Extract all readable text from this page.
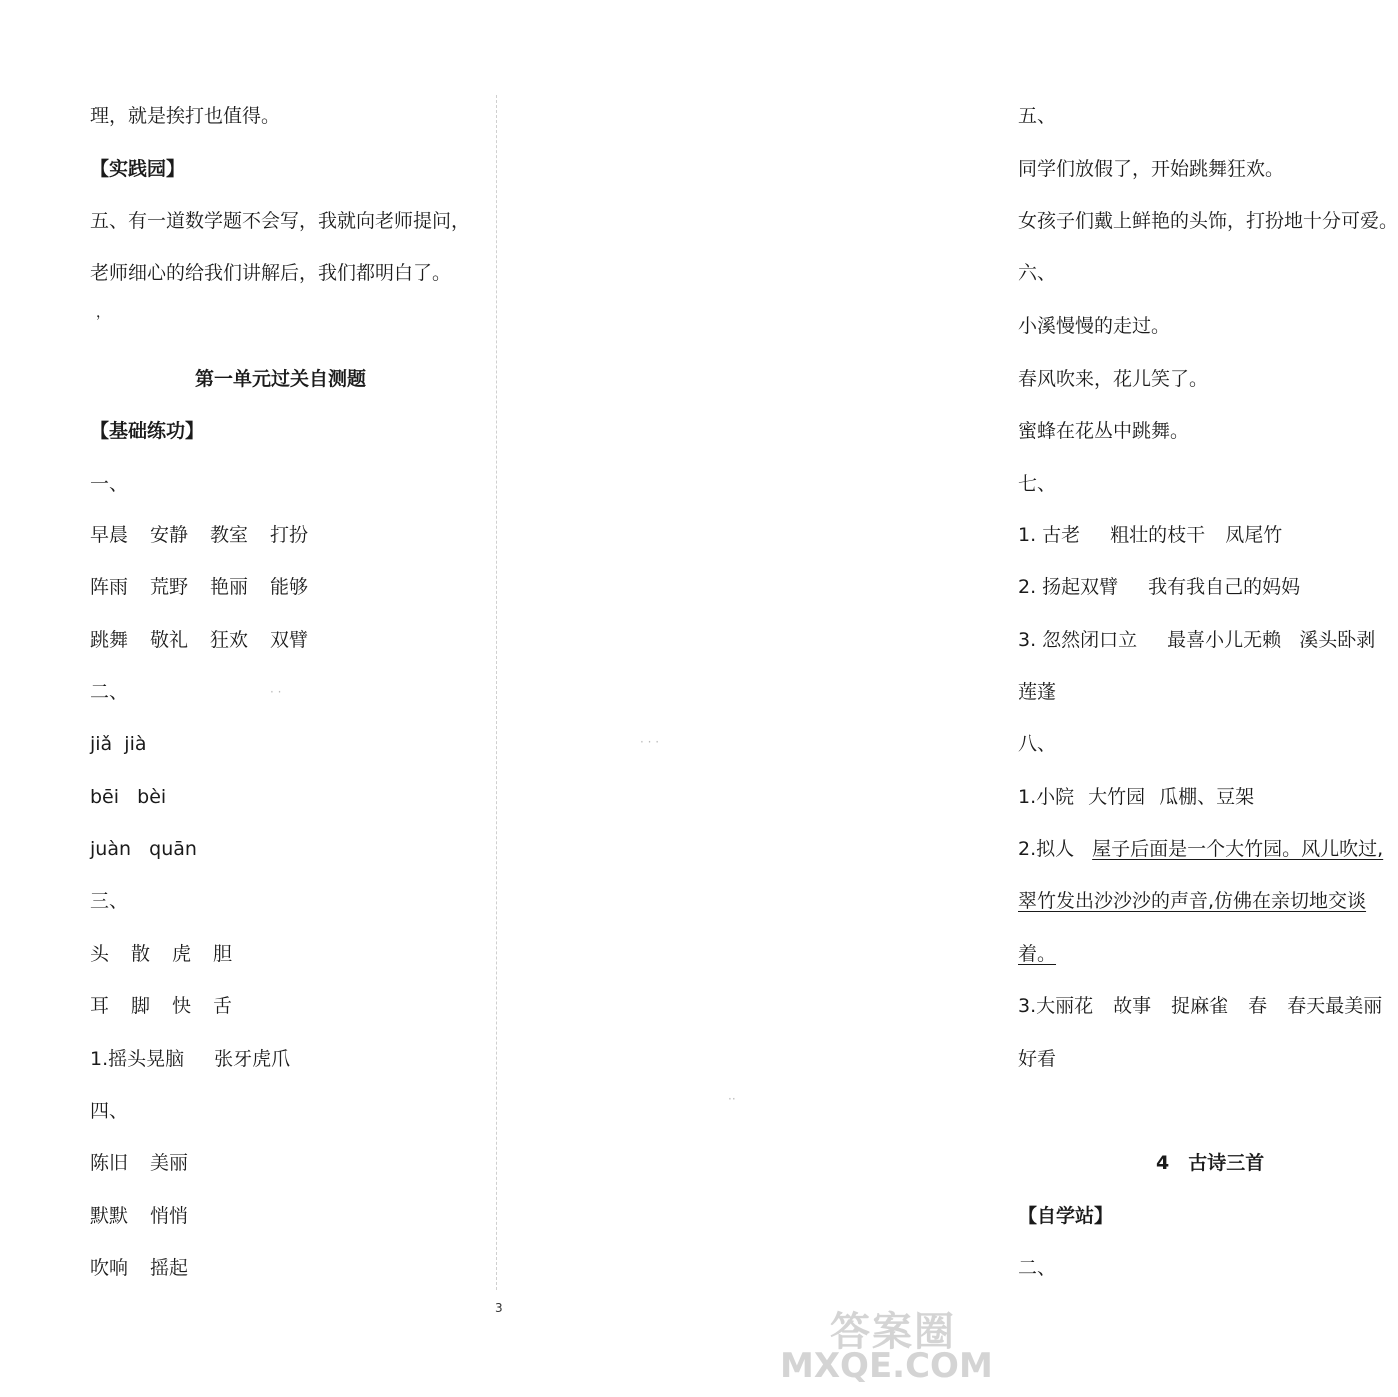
理，就是挨打也值得。
【实践园】
五、有一道数学题不会写，我就向老师提问，
老师细心的给我们讲解后，我们都明白了。
，
第一单元过关自测题
【基础练功】
一、
早晨 安静 教室 打扮
阵雨 荒野 艳丽 能够
跳舞 敬礼 狂欢 双臂
二、
jiǎ jià
bēi bèi
juàn quān
三、
头 散 虎 胆
耳 脚 快 舌
1.摇头晃脑 张牙虎爪
四、
陈旧 美丽
默默 悄悄
吹响 摇起
五、
同学们放假了，开始跳舞狂欢。
女孩子们戴上鲜艳的头饰，打扮地十分可爱。
六、
小溪慢慢的走过。
春风吹来，花儿笑了。
蜜蜂在花丛中跳舞。
七、
1. 古老 粗壮的枝干 凤尾竹
2. 扬起双臂 我有我自己的妈妈
3. 忽然闭口立 最喜小儿无赖 溪头卧剥
莲蓬
八、
1.小院 大竹园 瓜棚、豆架
2.拟人 屋子后面是一个大竹园。风儿吹过,
翠竹发出沙沙沙的声音,仿佛在亲切地交谈
着。
3.大丽花 故事 捉麻雀 春 春天最美丽
好看
4　古诗三首
【自学站】
二、
··
· ·
· · ·
3
答案圈
MXQE.COM
